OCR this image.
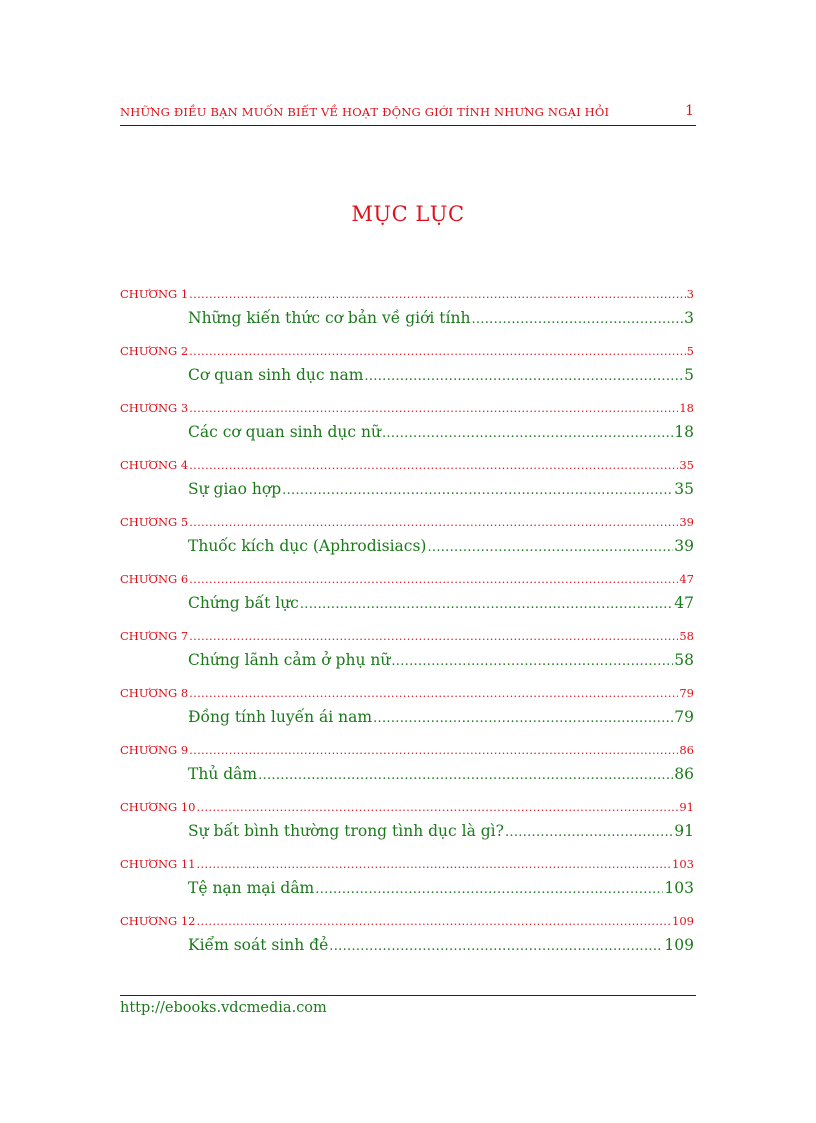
NHỮNG ĐIỀU BẠN MUỐN BIẾT VỀ HOẠT ĐỘNG GIỚI TÍNH NHƯNG NGẠI HỎI	1
MỤC LỤC
CHƯƠNG 1 .....	3
Những kiến thức cơ bản về giới tính .....	3
CHƯƠNG 2 .....	5
Cơ quan sinh dục nam .....	5
CHƯƠNG 3 .....	18
Các cơ quan sinh dục nữ .....	18
CHƯƠNG 4 .....	35
Sự giao hợp .....	35
CHƯƠNG 5 .....	39
Thuốc kích dục (Aphrodisiacs) .....	39
CHƯƠNG 6 .....	47
Chứng bất lực .....	47
CHƯƠNG 7 .....	58
Chứng lãnh cảm ở phụ nữ .....	58
CHƯƠNG 8 .....	79
Đồng tính luyến ái nam .....	79
CHƯƠNG 9 .....	86
Thủ dâm .....	86
CHƯƠNG 10 .....	91
Sự bất bình thường trong tình dục là gì? .....	91
CHƯƠNG 11 .....	103
Tệ nạn mại dâm .....	103
CHƯƠNG 12 .....	109
Kiểm soát sinh đẻ .....	109
http://ebooks.vdcmedia.com
